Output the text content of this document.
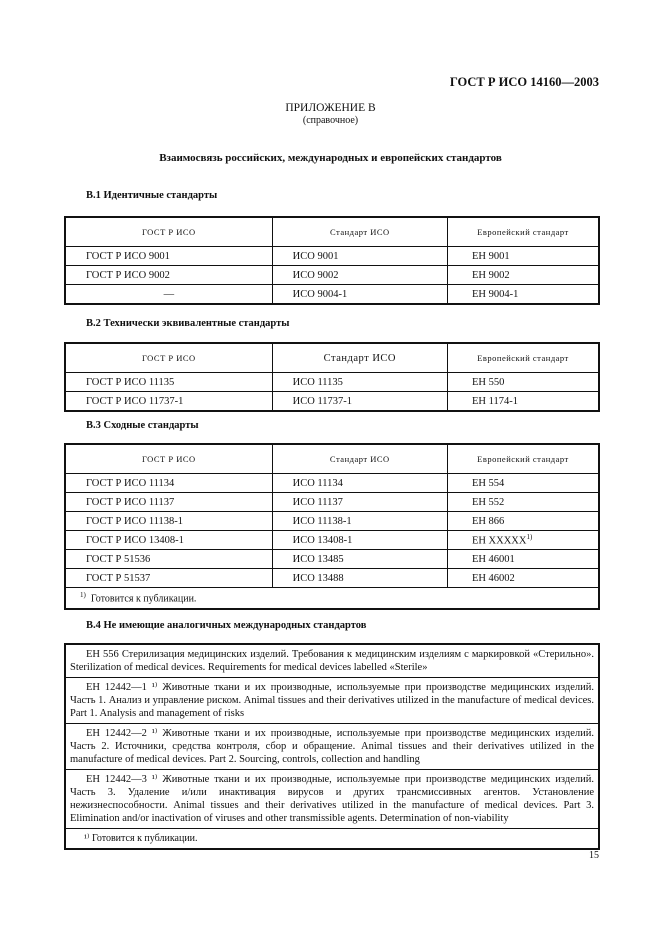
ГОСТ Р ИСО 14160—2003
ПРИЛОЖЕНИЕ В
(справочное)
Взаимосвязь российских, международных и европейских стандартов
В.1 Идентичные стандарты
ГОСТ Р ИСО	Стандарт ИСО	Европейский стандарт
ГОСТ Р ИСО 9001	ИСО 9001	ЕН 9001
ГОСТ Р ИСО 9002	ИСО 9002	ЕН 9002
—	ИСО 9004-1	ЕН 9004-1
В.2 Технически эквивалентные стандарты
ГОСТ Р ИСО	Стандарт ИСО	Европейский стандарт
ГОСТ Р ИСО 11135	ИСО 11135	ЕН 550
ГОСТ Р ИСО 11737-1	ИСО 11737-1	ЕН 1174-1
В.3 Сходные стандарты
ГОСТ Р ИСО	Стандарт ИСО	Европейский стандарт
ГОСТ Р ИСО 11134	ИСО 11134	ЕН 554
ГОСТ Р ИСО 11137	ИСО 11137	ЕН 552
ГОСТ Р ИСО 11138-1	ИСО 11138-1	ЕН 866
ГОСТ Р ИСО 13408-1	ИСО 13408-1	ЕН XXXXX$^{1)}$
ГОСТ Р 51536	ИСО 13485	ЕН 46001
ГОСТ Р 51537	ИСО 13488	ЕН 46002
$^{1)}$ Готовится к публикации.		
В.4 Не имеющие аналогичных международных стандартов
ЕН 556 Стерилизация медицинских изделий. Требования к медицинским изделиям с маркировкой «Стерильно». Sterilization of medical devices. Requirements for medical devices labelled «Sterile»
ЕН 12442—1 ¹⁾ Животные ткани и их производные, используемые при производстве медицинских изделий. Часть 1. Анализ и управление риском. Animal tissues and their derivatives utilized in the manufacture of medical devices. Part 1. Analysis and management of risks
ЕН 12442—2 ¹⁾ Животные ткани и их производные, используемые при производстве медицинских изделий. Часть 2. Источники, средства контроля, сбор и обращение. Animal tissues and their derivatives utilized in the manufacture of medical devices. Part 2. Sourcing, controls, collection and handling
ЕН 12442—3 ¹⁾ Животные ткани и их производные, используемые при производстве медицинских изделий. Часть 3. Удаление и/или инактивация вирусов и других трансмиссивных агентов. Установление нежизнеспособности. Animal tissues and their derivatives utilized in the manufacture of medical devices. Part 3. Elimination and/or inactivation of viruses and other transmissible agents. Determination of non-viability
¹⁾ Готовится к публикации.
15
